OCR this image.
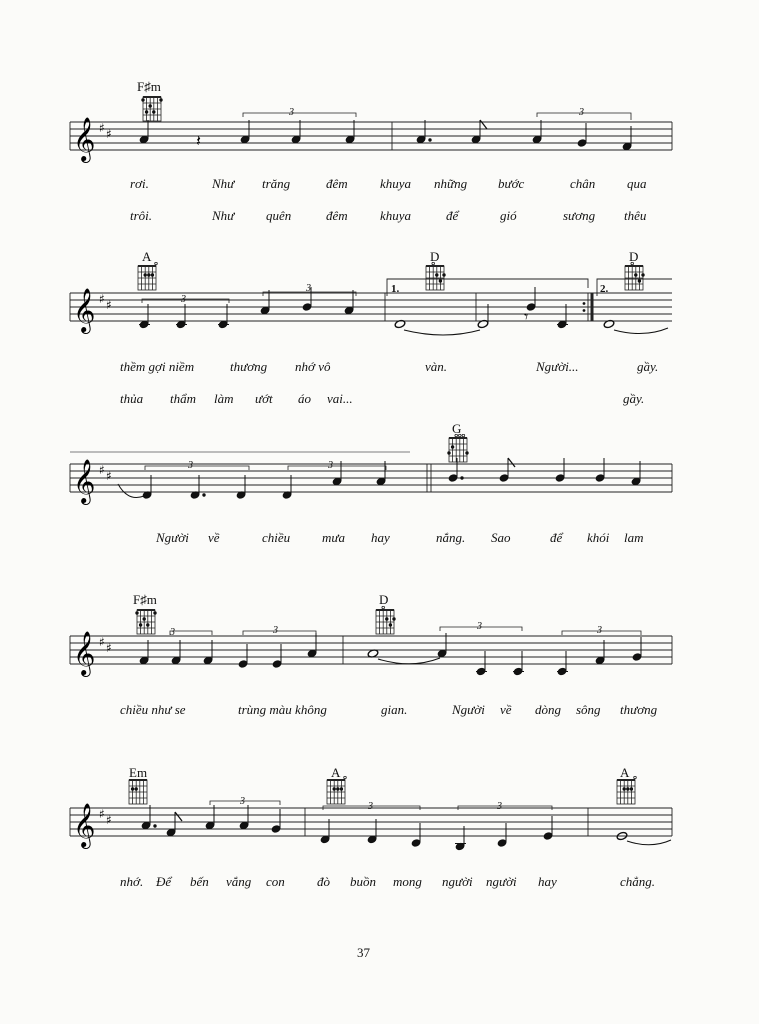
F♯m
𝄞 ♯ ♯	𝄽
3	3
rơi.	Như trăng	đêm khuya những bước	chân qua
trôi.	Như quên	đêm khuya	để	gió	sương thêu
A	D	D
𝄞 ♯ ♯
𝄾
1.	2.
3
3
thềm gợi niềm	thương nhớ vô	vàn.	Người...	gầy.
thủa thẩm làm ướt áo vai...	gầy.
G
𝄞 ♯ ♯
3	3
Người về	chiều mưa hay	nắng. Sao	để khói lam
F♯m	D
𝄞 ♯ ♯
3	3	3	3
chiều như se	trùng màu không	gian.	Người về dòng sông thương
Em	A	A
𝄞 ♯ ♯
3	3	3
nhớ. Để bến vắng con đò buồn mong người người hay	chẳng.
37
